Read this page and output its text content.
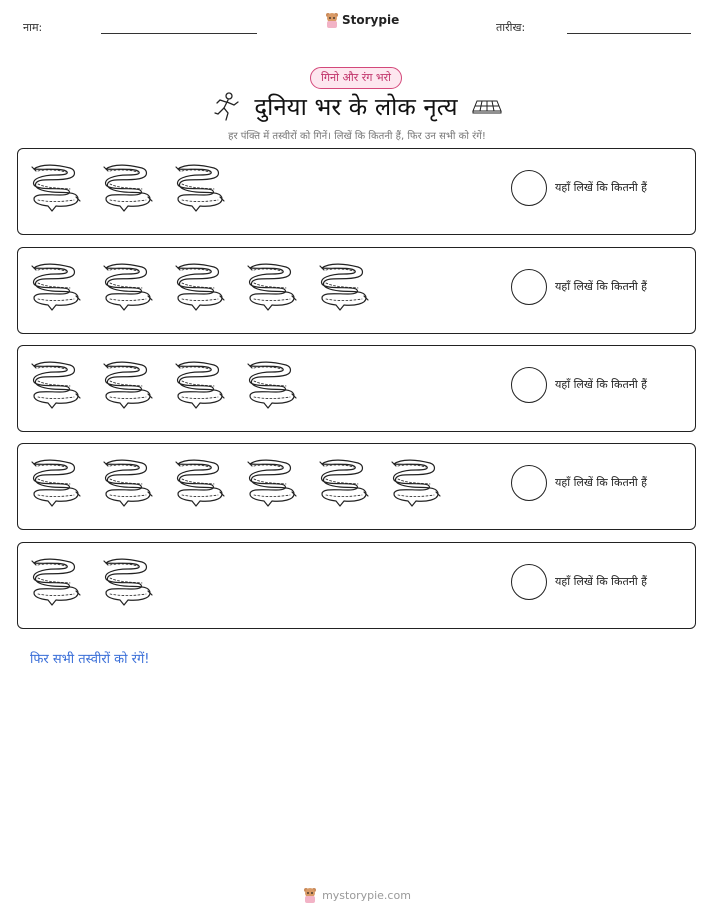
नाम:
Storypie
तारीख:
गिनो और रंग भरो
दुनिया भर के लोक नृत्य
हर पंक्ति में तस्वीरों को गिनें। लिखें कि कितनी हैं, फिर उन सभी को रंगें!
यहाँ लिखें कि कितनी हैं
यहाँ लिखें कि कितनी हैं
यहाँ लिखें कि कितनी हैं
यहाँ लिखें कि कितनी हैं
यहाँ लिखें कि कितनी हैं
फिर सभी तस्वीरों को रंगें!
mystorypie.com
